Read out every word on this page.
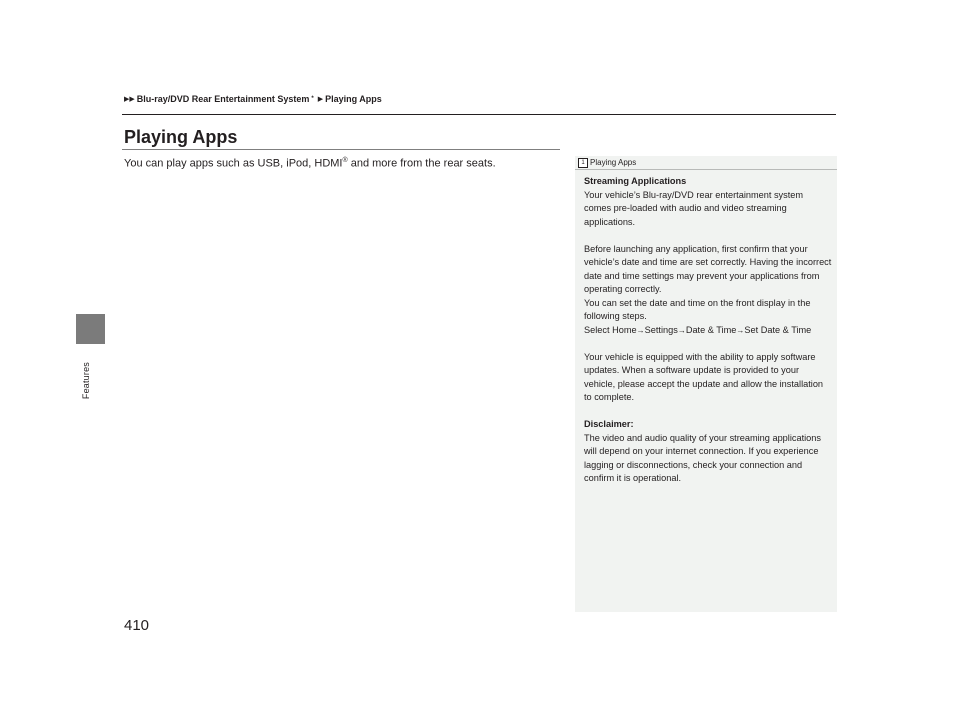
Features
▶▶ Blu-ray/DVD Rear Entertainment System * ▶ Playing Apps
Playing Apps
You can play apps such as USB, iPod, HDMI® and more from the rear seats.	1 Playing Apps

Streaming Applications
Your vehicle’s Blu-ray/DVD rear entertainment system comes pre-loaded with audio and video streaming applications.

Before launching any application, first confirm that your vehicle’s date and time are set correctly. Having the incorrect date and time settings may prevent your applications from operating correctly.
You can set the date and time on the front display in the following steps.
Select Home→Settings→Date & Time→Set Date & Time

Your vehicle is equipped with the ability to apply software updates. When a software update is provided to your vehicle, please accept the update and allow the installation to complete.

Disclaimer:
The video and audio quality of your streaming applications will depend on your internet connection. If you experience lagging or disconnections, check your connection and confirm it is operational.

410
